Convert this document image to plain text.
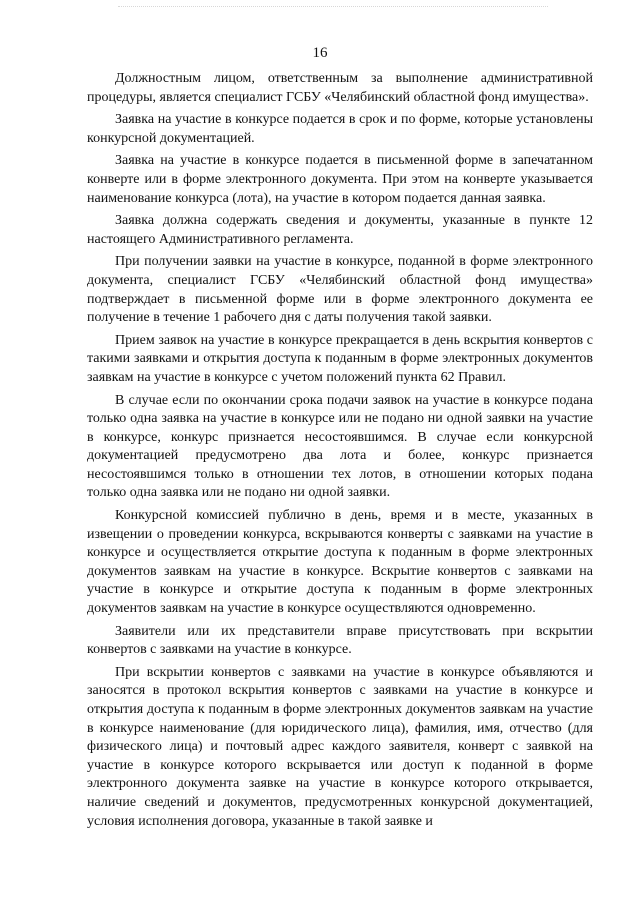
16

Должностным лицом, ответственным за выполнение административной процедуры, является специалист ГСБУ «Челябинский областной фонд имущества».

Заявка на участие в конкурсе подается в срок и по форме, которые установлены конкурсной документацией.

Заявка на участие в конкурсе подается в письменной форме в запечатанном конверте или в форме электронного документа. При этом на конверте указывается наименование конкурса (лота), на участие в котором подается данная заявка.

Заявка должна содержать сведения и документы, указанные в пункте 12 настоящего Административного регламента.

При получении заявки на участие в конкурсе, поданной в форме электронного документа, специалист ГСБУ «Челябинский областной фонд имущества» подтверждает в письменной форме или в форме электронного документа ее получение в течение 1 рабочего дня с даты получения такой заявки.

Прием заявок на участие в конкурсе прекращается в день вскрытия конвертов с такими заявками и открытия доступа к поданным в форме электронных документов заявкам на участие в конкурсе с учетом положений пункта 62 Правил.

В случае если по окончании срока подачи заявок на участие в конкурсе подана только одна заявка на участие в конкурсе или не подано ни одной заявки на участие в конкурсе, конкурс признается несостоявшимся. В случае если конкурсной документацией предусмотрено два лота и более, конкурс признается несостоявшимся только в отношении тех лотов, в отношении которых подана только одна заявка или не подано ни одной заявки.

Конкурсной комиссией публично в день, время и в месте, указанных в извещении о проведении конкурса, вскрываются конверты с заявками на участие в конкурсе и осуществляется открытие доступа к поданным в форме электронных документов заявкам на участие в конкурсе. Вскрытие конвертов с заявками на участие в конкурсе и открытие доступа к поданным в форме электронных документов заявкам на участие в конкурсе осуществляются одновременно.

Заявители или их представители вправе присутствовать при вскрытии конвертов с заявками на участие в конкурсе.

При вскрытии конвертов с заявками на участие в конкурсе объявляются и заносятся в протокол вскрытия конвертов с заявками на участие в конкурсе и открытия доступа к поданным в форме электронных документов заявкам на участие в конкурсе наименование (для юридического лица), фамилия, имя, отчество (для физического лица) и почтовый адрес каждого заявителя, конверт с заявкой на участие в конкурсе которого вскрывается или доступ к поданной в форме электронного документа заявке на участие в конкурсе которого открывается, наличие сведений и документов, предусмотренных конкурсной документацией, условия исполнения договора, указанные в такой заявке и
